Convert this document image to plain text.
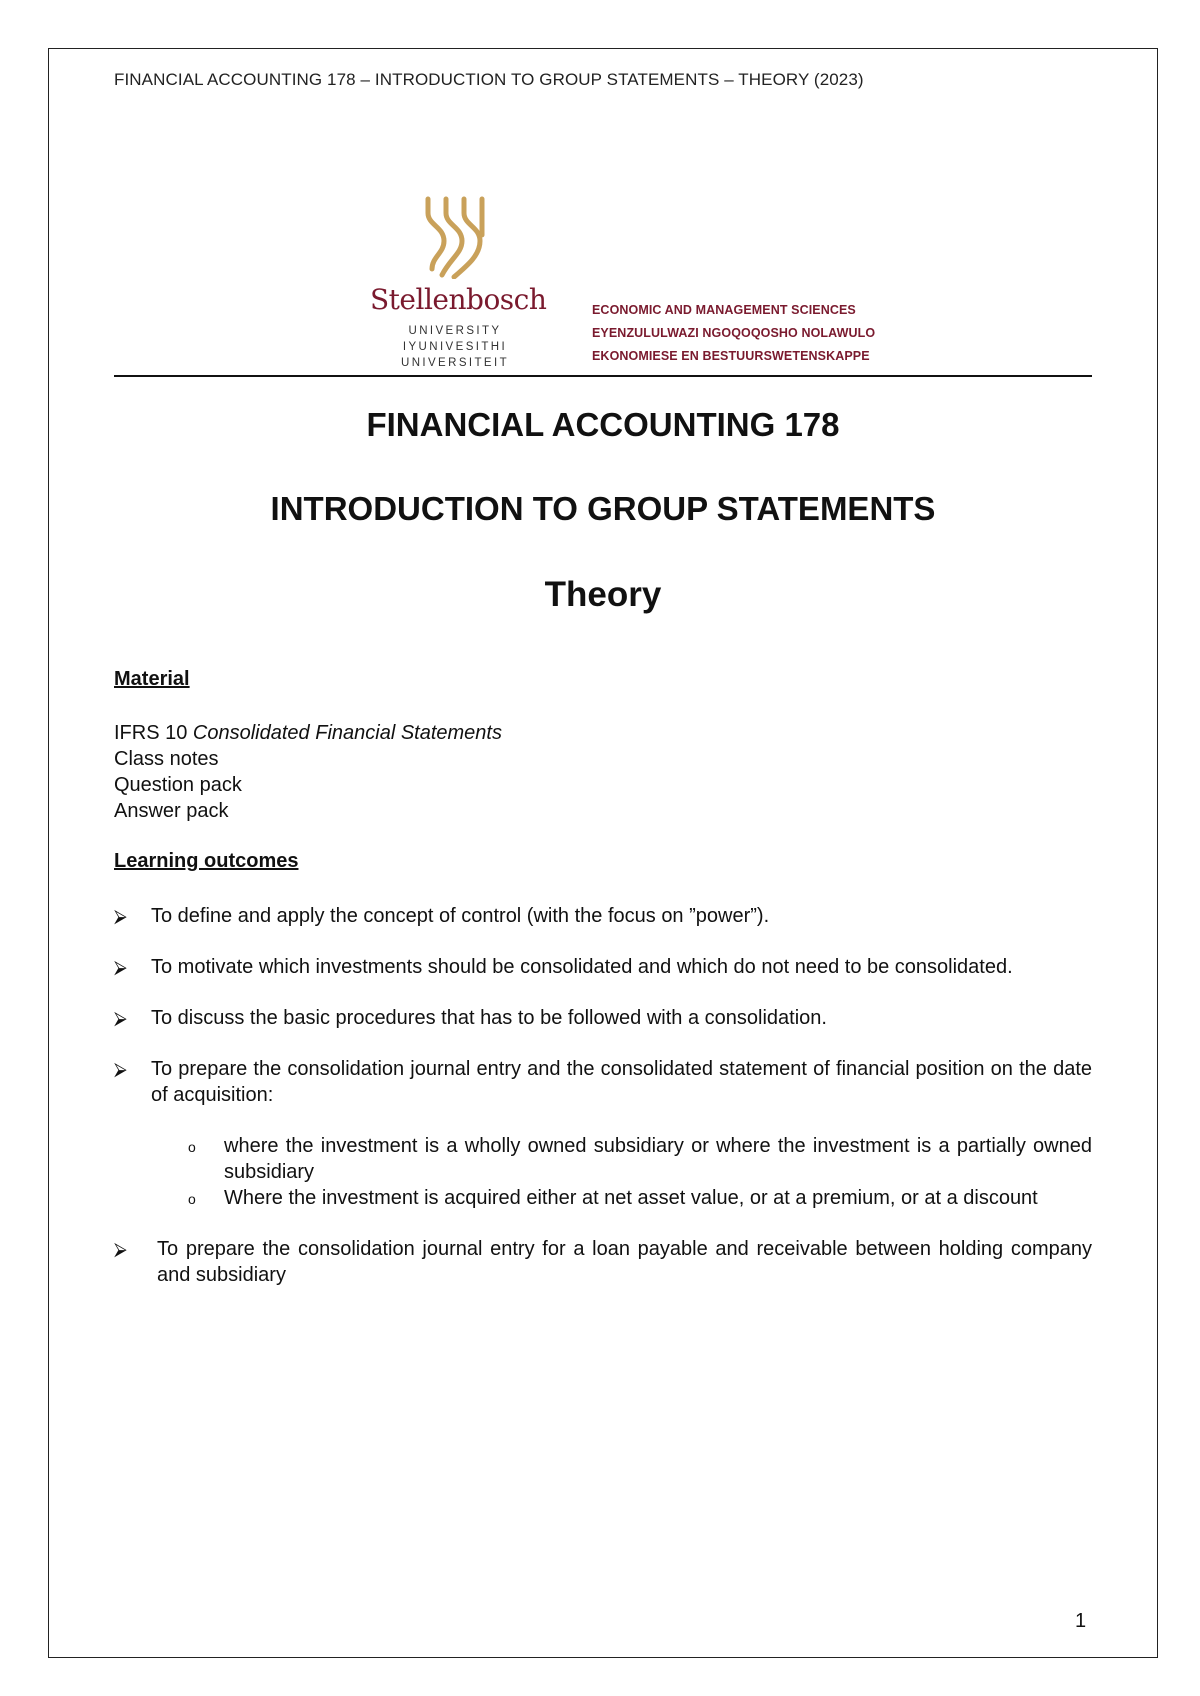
FINANCIAL ACCOUNTING 178 – INTRODUCTION TO GROUP STATEMENTS – THEORY (2023)
Stellenbosch
UNIVERSITY
IYUNIVESITHI
UNIVERSITEIT
ECONOMIC AND MANAGEMENT SCIENCES
EYENZULULWAZI NGOQOQOSHO NOLAWULO
EKONOMIESE EN BESTUURSWETENSKAPPE
FINANCIAL ACCOUNTING 178
INTRODUCTION TO GROUP STATEMENTS
Theory
Material
IFRS 10 Consolidated Financial Statements
Class notes
Question pack
Answer pack
Learning outcomes
⮚ To define and apply the concept of control (with the focus on ”power”).
⮚ To motivate which investments should be consolidated and which do not need to be consolidated.
⮚ To discuss the basic procedures that has to be followed with a consolidation.
⮚ To prepare the consolidation journal entry and the consolidated statement of financial position on the date of acquisition:
o where the investment is a wholly owned subsidiary or where the investment is a partially owned subsidiary
o Where the investment is acquired either at net asset value, or at a premium, or at a discount
⮚ To prepare the consolidation journal entry for a loan payable and receivable between holding company and subsidiary
1
